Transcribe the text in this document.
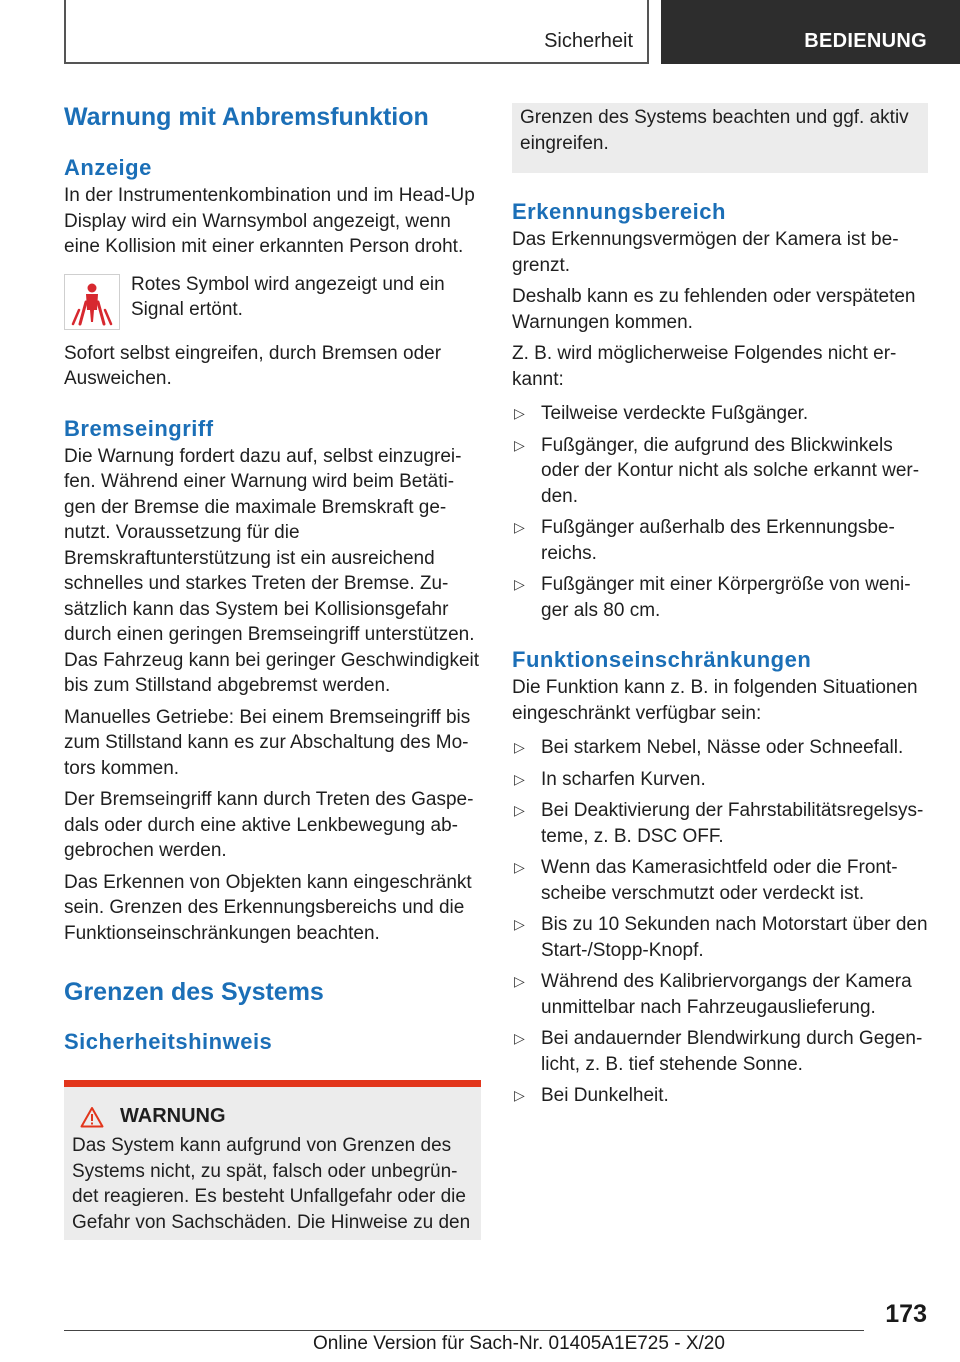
Sicherheit	BEDIENUNG
Warnung mit Anbremsfunktion
Anzeige

In der Instrumentenkombination und im Head-Up Display wird ein Warnsymbol angezeigt, wenn eine Kollision mit einer erkannten Person droht.

Rotes Symbol wird angezeigt und ein Signal ertönt.

Sofort selbst eingreifen, durch Bremsen oder Ausweichen.

Bremseingriff

Die Warnung fordert dazu auf, selbst einzugrei-fen. Während einer Warnung wird beim Betäti-gen der Bremse die maximale Bremskraft ge-nutzt. Voraussetzung für die Bremskraftunterstützung ist ein ausreichend schnelles und starkes Treten der Bremse. Zu-sätzlich kann das System bei Kollisionsgefahr durch einen geringen Bremseingriff unterstützen. Das Fahrzeug kann bei geringer Geschwindigkeit bis zum Stillstand abgebremst werden.

Manuelles Getriebe: Bei einem Bremseingriff bis zum Stillstand kann es zur Abschaltung des Mo-tors kommen.

Der Bremseingriff kann durch Treten des Gaspe-dals oder durch eine aktive Lenkbewegung ab-gebrochen werden.

Das Erkennen von Objekten kann eingeschränkt sein. Grenzen des Erkennungsbereichs und die Funktionseinschränkungen beachten.

Grenzen des Systems
Sicherheitshinweis
WARNUNG

Das System kann aufgrund von Grenzen des Systems nicht, zu spät, falsch oder unbegrün-det reagieren. Es besteht Unfallgefahr oder die Gefahr von Sachschäden. Die Hinweise zu den

Grenzen des Systems beachten und ggf. aktiv eingreifen.

Erkennungsbereich

Das Erkennungsvermögen der Kamera ist be-grenzt.

Deshalb kann es zu fehlenden oder verspäteten Warnungen kommen.

Z. B. wird möglicherweise Folgendes nicht er-kannt:

▷ Teilweise verdeckte Fußgänger.
▷ Fußgänger, die aufgrund des Blickwinkels oder der Kontur nicht als solche erkannt wer-den.
▷ Fußgänger außerhalb des Erkennungsbe-reichs.
▷ Fußgänger mit einer Körpergröße von weni-ger als 80 cm.
Funktionseinschränkungen

Die Funktion kann z. B. in folgenden Situationen eingeschränkt verfügbar sein:

▷ Bei starkem Nebel, Nässe oder Schneefall.
▷ In scharfen Kurven.
▷ Bei Deaktivierung der Fahrstabilitätsregelsys-teme, z. B. DSC OFF.
▷ Wenn das Kamerasichtfeld oder die Front-scheibe verschmutzt oder verdeckt ist.
▷ Bis zu 10 Sekunden nach Motorstart über den Start-/Stopp-Knopf.
▷ Während des Kalibriervorgangs der Kamera unmittelbar nach Fahrzeugauslieferung.
▷ Bei andauernder Blendwirkung durch Gegen-licht, z. B. tief stehende Sonne.
▷ Bei Dunkelheit.
173
Online Version für Sach-Nr. 01405A1E725 - X/20
